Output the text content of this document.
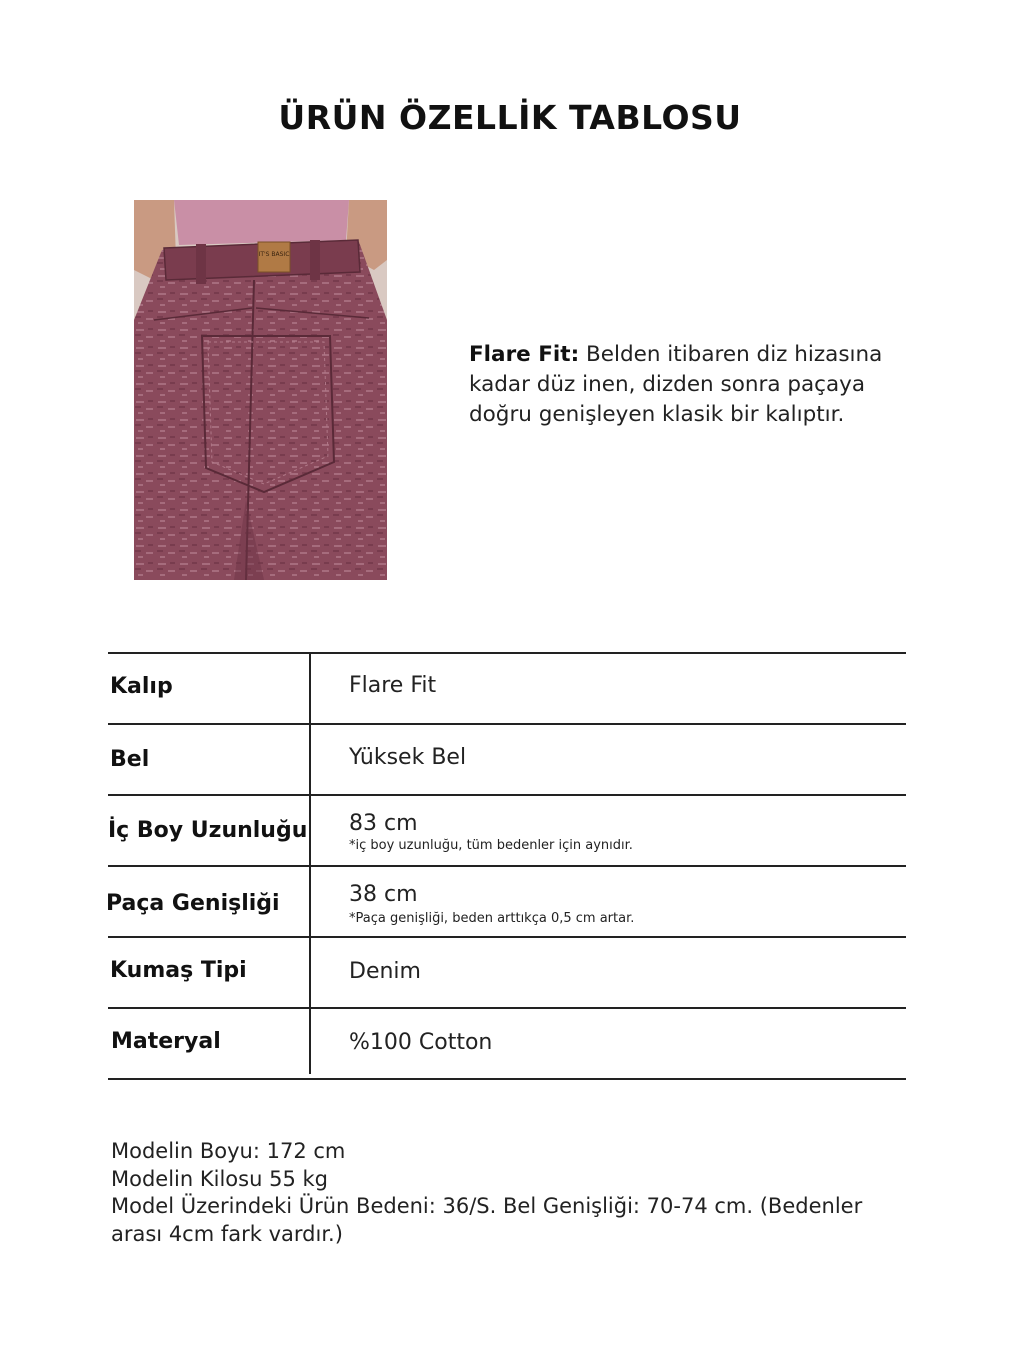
ÜRÜN ÖZELLİK TABLOSU
IT'S BASIC
Flare Fit: Belden itibaren diz hizasına kadar düz inen, dizden sonra paçaya doğru genişleyen klasik bir kalıptır.
Kalıp	Flare Fit
Bel	Yüksek Bel
İç Boy Uzunluğu 83 cm
*iç boy uzunluğu, tüm bedenler için aynıdır.
Paça Genişliği	38 cm
*Paça genişliği, beden arttıkça 0,5 cm artar.
Kumaş Tipi	Denim
Materyal	%100 Cotton
Modelin Boyu: 172 cm
Modelin Kilosu 55 kg
Model Üzerindeki Ürün Bedeni: 36/S. Bel Genişliği: 70-74 cm. (Bedenler arası 4cm fark vardır.)
